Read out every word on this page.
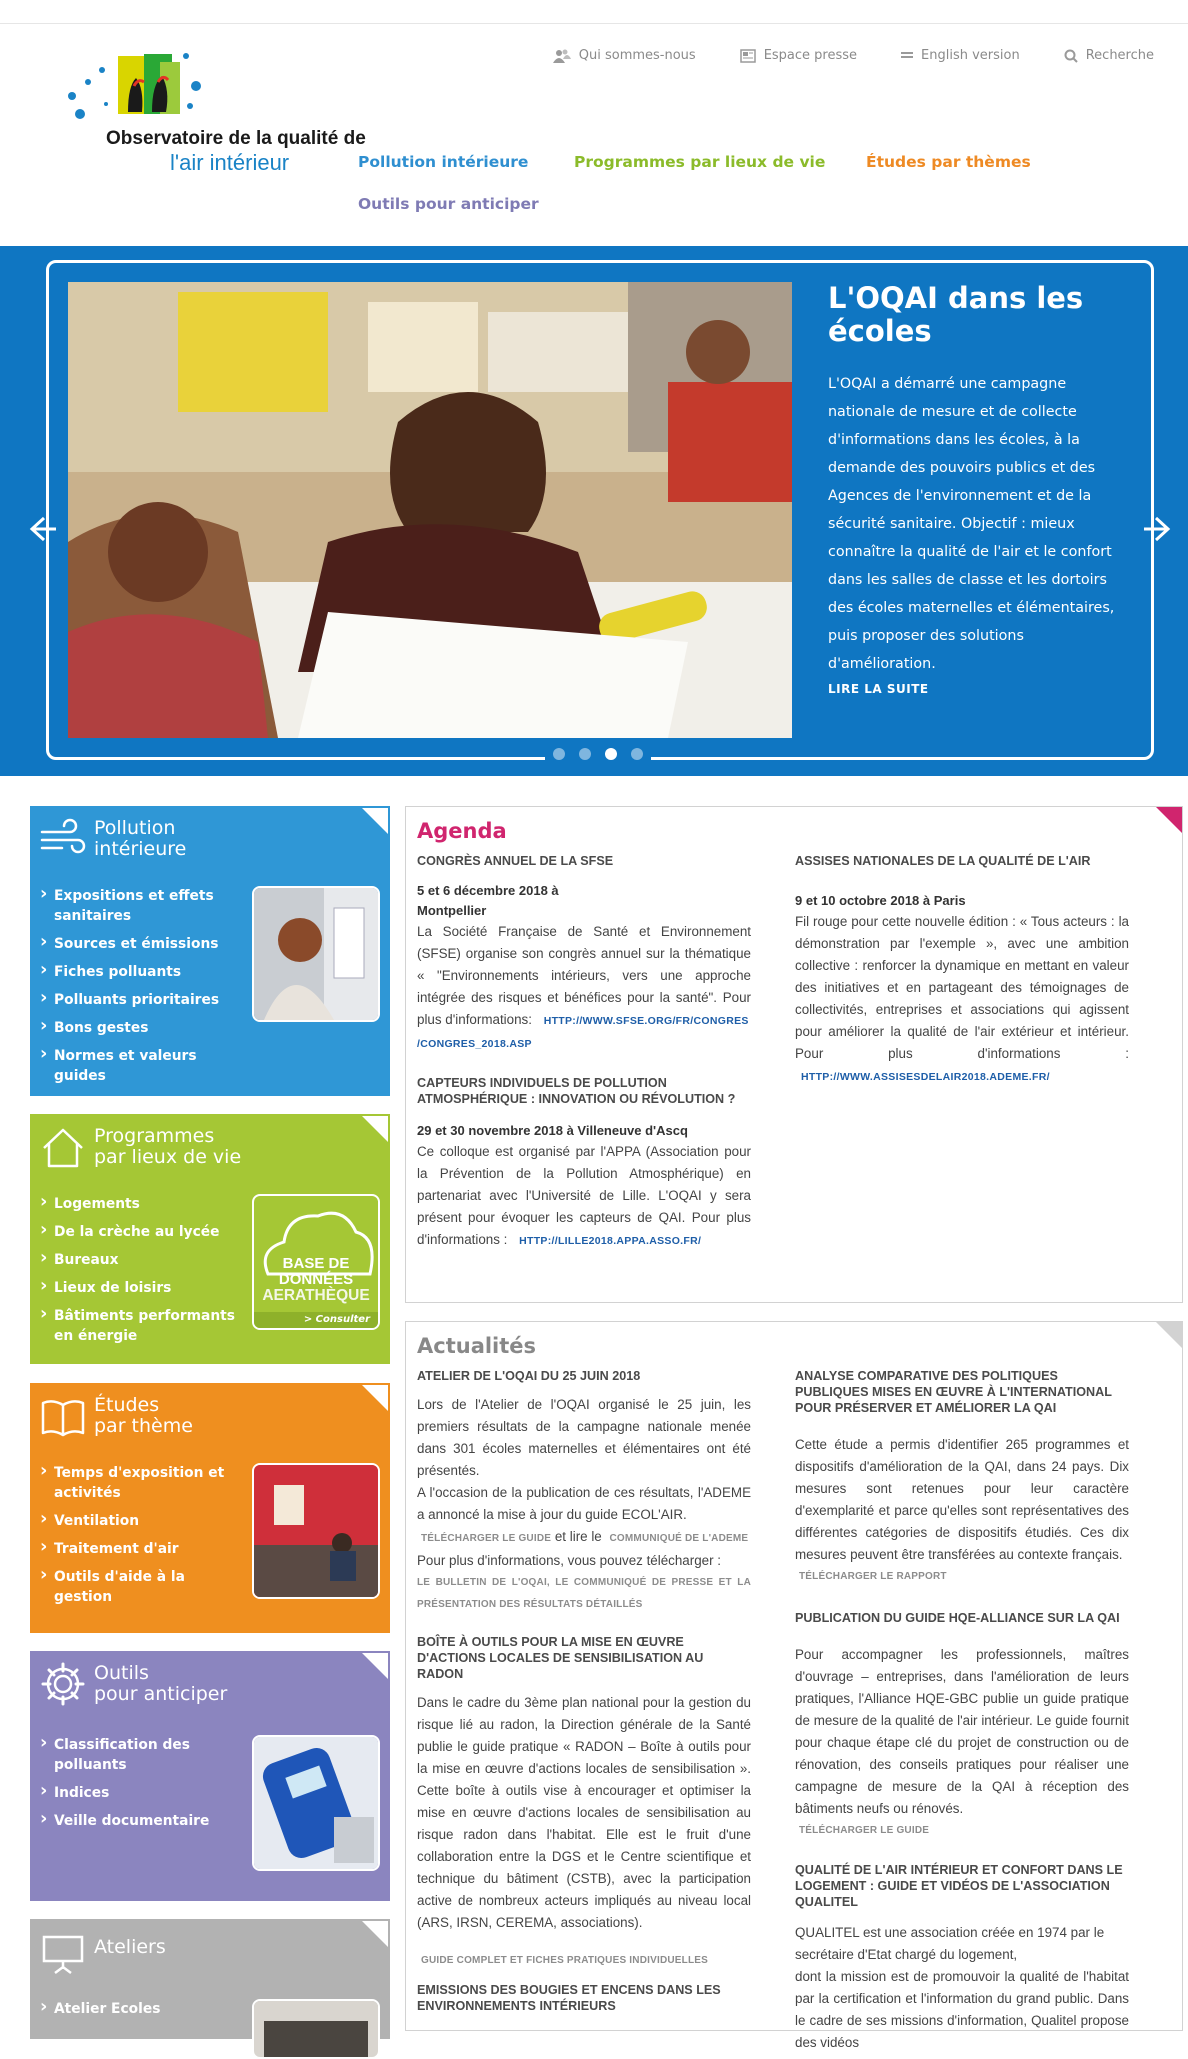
Observatoire de la qualité de
l'air intérieur
Qui sommes-nous	Espace presse	English version	Recherche
Pollution intérieure	Programmes par lieux de vie	Études par thèmes
Outils pour anticiper
L'OQAI dans les écoles

L'OQAI a démarré une campagne nationale de mesure et de collecte d'informations dans les écoles, à la demande des pouvoirs publics et des Agences de l'environnement et de la sécurité sanitaire. Objectif : mieux connaître la qualité de l'air et le confort dans les salles de classe et les dortoirs des écoles maternelles et élémentaires, puis proposer des solutions d'amélioration.

LIRE LA SUITE
Pollution
intérieure
› Expositions et effets sanitaires
› Sources et émissions
› Fiches polluants
› Polluants prioritaires
› Bons gestes
› Normes et valeurs guides
Programmes
par lieux de vie
› Logements
› De la crèche au lycée
› Bureaux
› Lieux de loisirs
› Bâtiments performants en énergie
BASE DE
DONNÉES
AERATHÈQUE
> Consulter
Études
par thème
› Temps d'exposition et activités
› Ventilation
› Traitement d'air
› Outils d'aide à la gestion
Outils
pour anticiper
› Classification des polluants
› Indices
› Veille documentaire
Ateliers
› Atelier Ecoles
Agenda
CONGRÈS ANNUEL DE LA SFSE
5 et 6 décembre 2018 à
Montpellier

La Société Française de Santé et Environnement (SFSE) organise son congrès annuel sur la thématique « "Environnements intérieurs, vers une approche intégrée des risques et bénéfices pour la santé". Pour plus d'informations: HTTP://WWW.SFSE.ORG/FR/CONGRES
/CONGRES_2018.ASP

CAPTEURS INDIVIDUELS DE POLLUTION ATMOSPHÉRIQUE : INNOVATION OU RÉVOLUTION ?
29 et 30 novembre 2018 à Villeneuve d'Ascq

Ce colloque est organisé par l'APPA (Association pour la Prévention de la Pollution Atmosphérique) en partenariat avec l'Université de Lille. L'OQAI y sera présent pour évoquer les capteurs de QAI. Pour plus d'informations : HTTP://LILLE2018.APPA.ASSO.FR/

ASSISES NATIONALES DE LA QUALITÉ DE L'AIR
9 et 10 octobre 2018 à Paris

Fil rouge pour cette nouvelle édition : « Tous acteurs : la démonstration par l'exemple », avec une ambition collective : renforcer la dynamique en mettant en valeur des initiatives et en partageant des témoignages de collectivités, entreprises et associations qui agissent pour améliorer la qualité de l'air extérieur et intérieur. Pour plus d'informations : HTTP://WWW.ASSISESDELAIR2018.ADEME.FR/

Actualités
ATELIER DE L'OQAI DU 25 JUIN 2018

Lors de l'Atelier de l'OQAI organisé le 25 juin, les premiers résultats de la campagne nationale menée dans 301 écoles maternelles et élémentaires ont été présentés.

A l'occasion de la publication de ces résultats, l'ADEME a annoncé la mise à jour du guide ECOL'AIR.

TÉLÉCHARGER LE GUIDE et lire le COMMUNIQUÉ DE L'ADEME

Pour plus d'informations, vous pouvez télécharger :

LE BULLETIN DE L'OQAI, LE COMMUNIQUÉ DE PRESSE ET LA PRÉSENTATION DES RÉSULTATS DÉTAILLÉS

BOÎTE À OUTILS POUR LA MISE EN ŒUVRE D'ACTIONS LOCALES DE SENSIBILISATION AU RADON

Dans le cadre du 3ème plan national pour la gestion du risque lié au radon, la Direction générale de la Santé publie le guide pratique « RADON – Boîte à outils pour la mise en œuvre d'actions locales de sensibilisation ». Cette boîte à outils vise à encourager et optimiser la mise en œuvre d'actions locales de sensibilisation au risque radon dans l'habitat. Elle est le fruit d'une collaboration entre la DGS et le Centre scientifique et technique du bâtiment (CSTB), avec la participation active de nombreux acteurs impliqués au niveau local (ARS, IRSN, CEREMA, associations).

GUIDE COMPLET ET FICHES PRATIQUES INDIVIDUELLES

EMISSIONS DES BOUGIES ET ENCENS DANS LES ENVIRONNEMENTS INTÉRIEURS
ANALYSE COMPARATIVE DES POLITIQUES PUBLIQUES MISES EN ŒUVRE À L'INTERNATIONAL POUR PRÉSERVER ET AMÉLIORER LA QAI

Cette étude a permis d'identifier 265 programmes et dispositifs d'amélioration de la QAI, dans 24 pays. Dix mesures sont retenues pour leur caractère d'exemplarité et parce qu'elles sont représentatives des différentes catégories de dispositifs étudiés. Ces dix mesures peuvent être transférées au contexte français.

TÉLÉCHARGER LE RAPPORT

PUBLICATION DU GUIDE HQE-ALLIANCE SUR LA QAI

Pour accompagner les professionnels, maîtres d'ouvrage – entreprises, dans l'amélioration de leurs pratiques, l'Alliance HQE-GBC publie un guide pratique de mesure de la qualité de l'air intérieur. Le guide fournit pour chaque étape clé du projet de construction ou de rénovation, des conseils pratiques pour réaliser une campagne de mesure de la QAI à réception des bâtiments neufs ou rénovés.

TÉLÉCHARGER LE GUIDE

QUALITÉ DE L'AIR INTÉRIEUR ET CONFORT DANS LE LOGEMENT : GUIDE ET VIDÉOS DE L'ASSOCIATION QUALITEL

QUALITEL est une association créée en 1974 par le secrétaire d'Etat chargé du logement,

dont la mission est de promouvoir la qualité de l'habitat par la certification et l'information du grand public. Dans le cadre de ses missions d'information, Qualitel propose des vidéos
